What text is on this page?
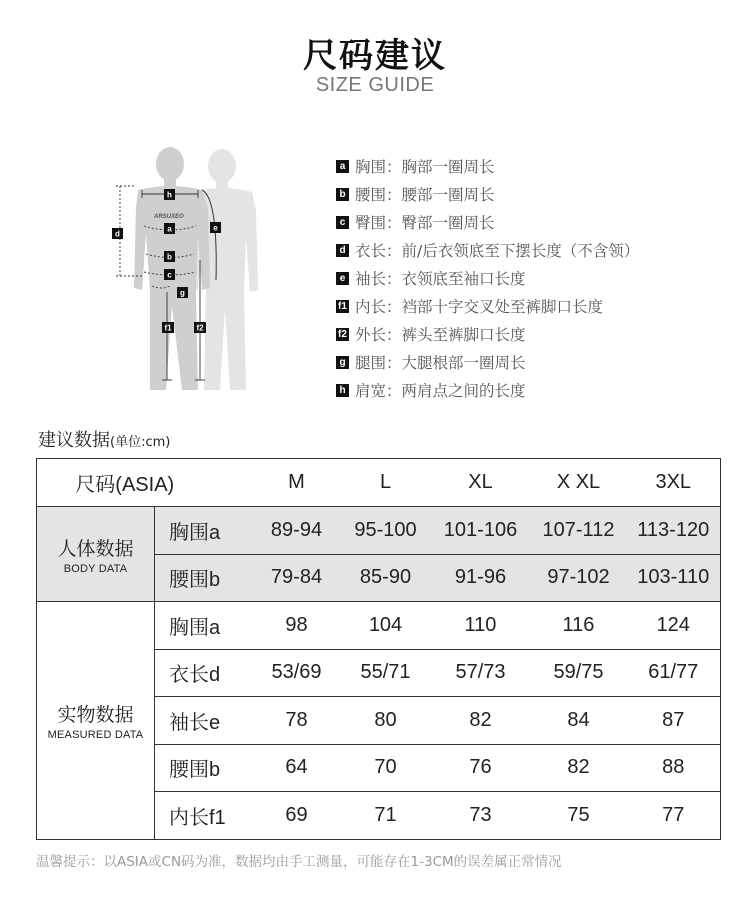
尺码建议
SIZE GUIDE
ARSUXEO
h
a
b
c
g
d
e
f1	f2
a 胸围 ： 胸部一圈周长
b 腰围 ： 腰部一圈周长
c 臀围 ： 臀部一圈周长
d 衣长 ： 前/后衣领底至下摆长度（不含领）
e 袖长 ： 衣领底至袖口长度
f1 内长 ： 裆部十字交叉处至裤脚口长度
f2 外长 ： 裤头至裤脚口长度
g 腿围 ： 大腿根部一圈周长
h 肩宽 ： 两肩点之间的长度
建议数据(单位:cm)
尺码(ASIA)		M	L	XL	X XL	3XL

人体数据
BODY DATA	胸围a	89-94	95-100	101-106	107-112	113-120
	腰围b	79-84	85-90	91-96	97-102	103-110

实物数据
MEASURED DATA	胸围a	98	104	110	116	124
	衣长d	53/69	55/71	57/73	59/75	61/77
	袖长e	78	80	82	84	87
	腰围b	64	70	76	82	88
	内长f1	69	71	73	75	77
温馨提示：以ASIA或CN码为准，数据均由手工测量，可能存在1-3CM的误差属正常情况
